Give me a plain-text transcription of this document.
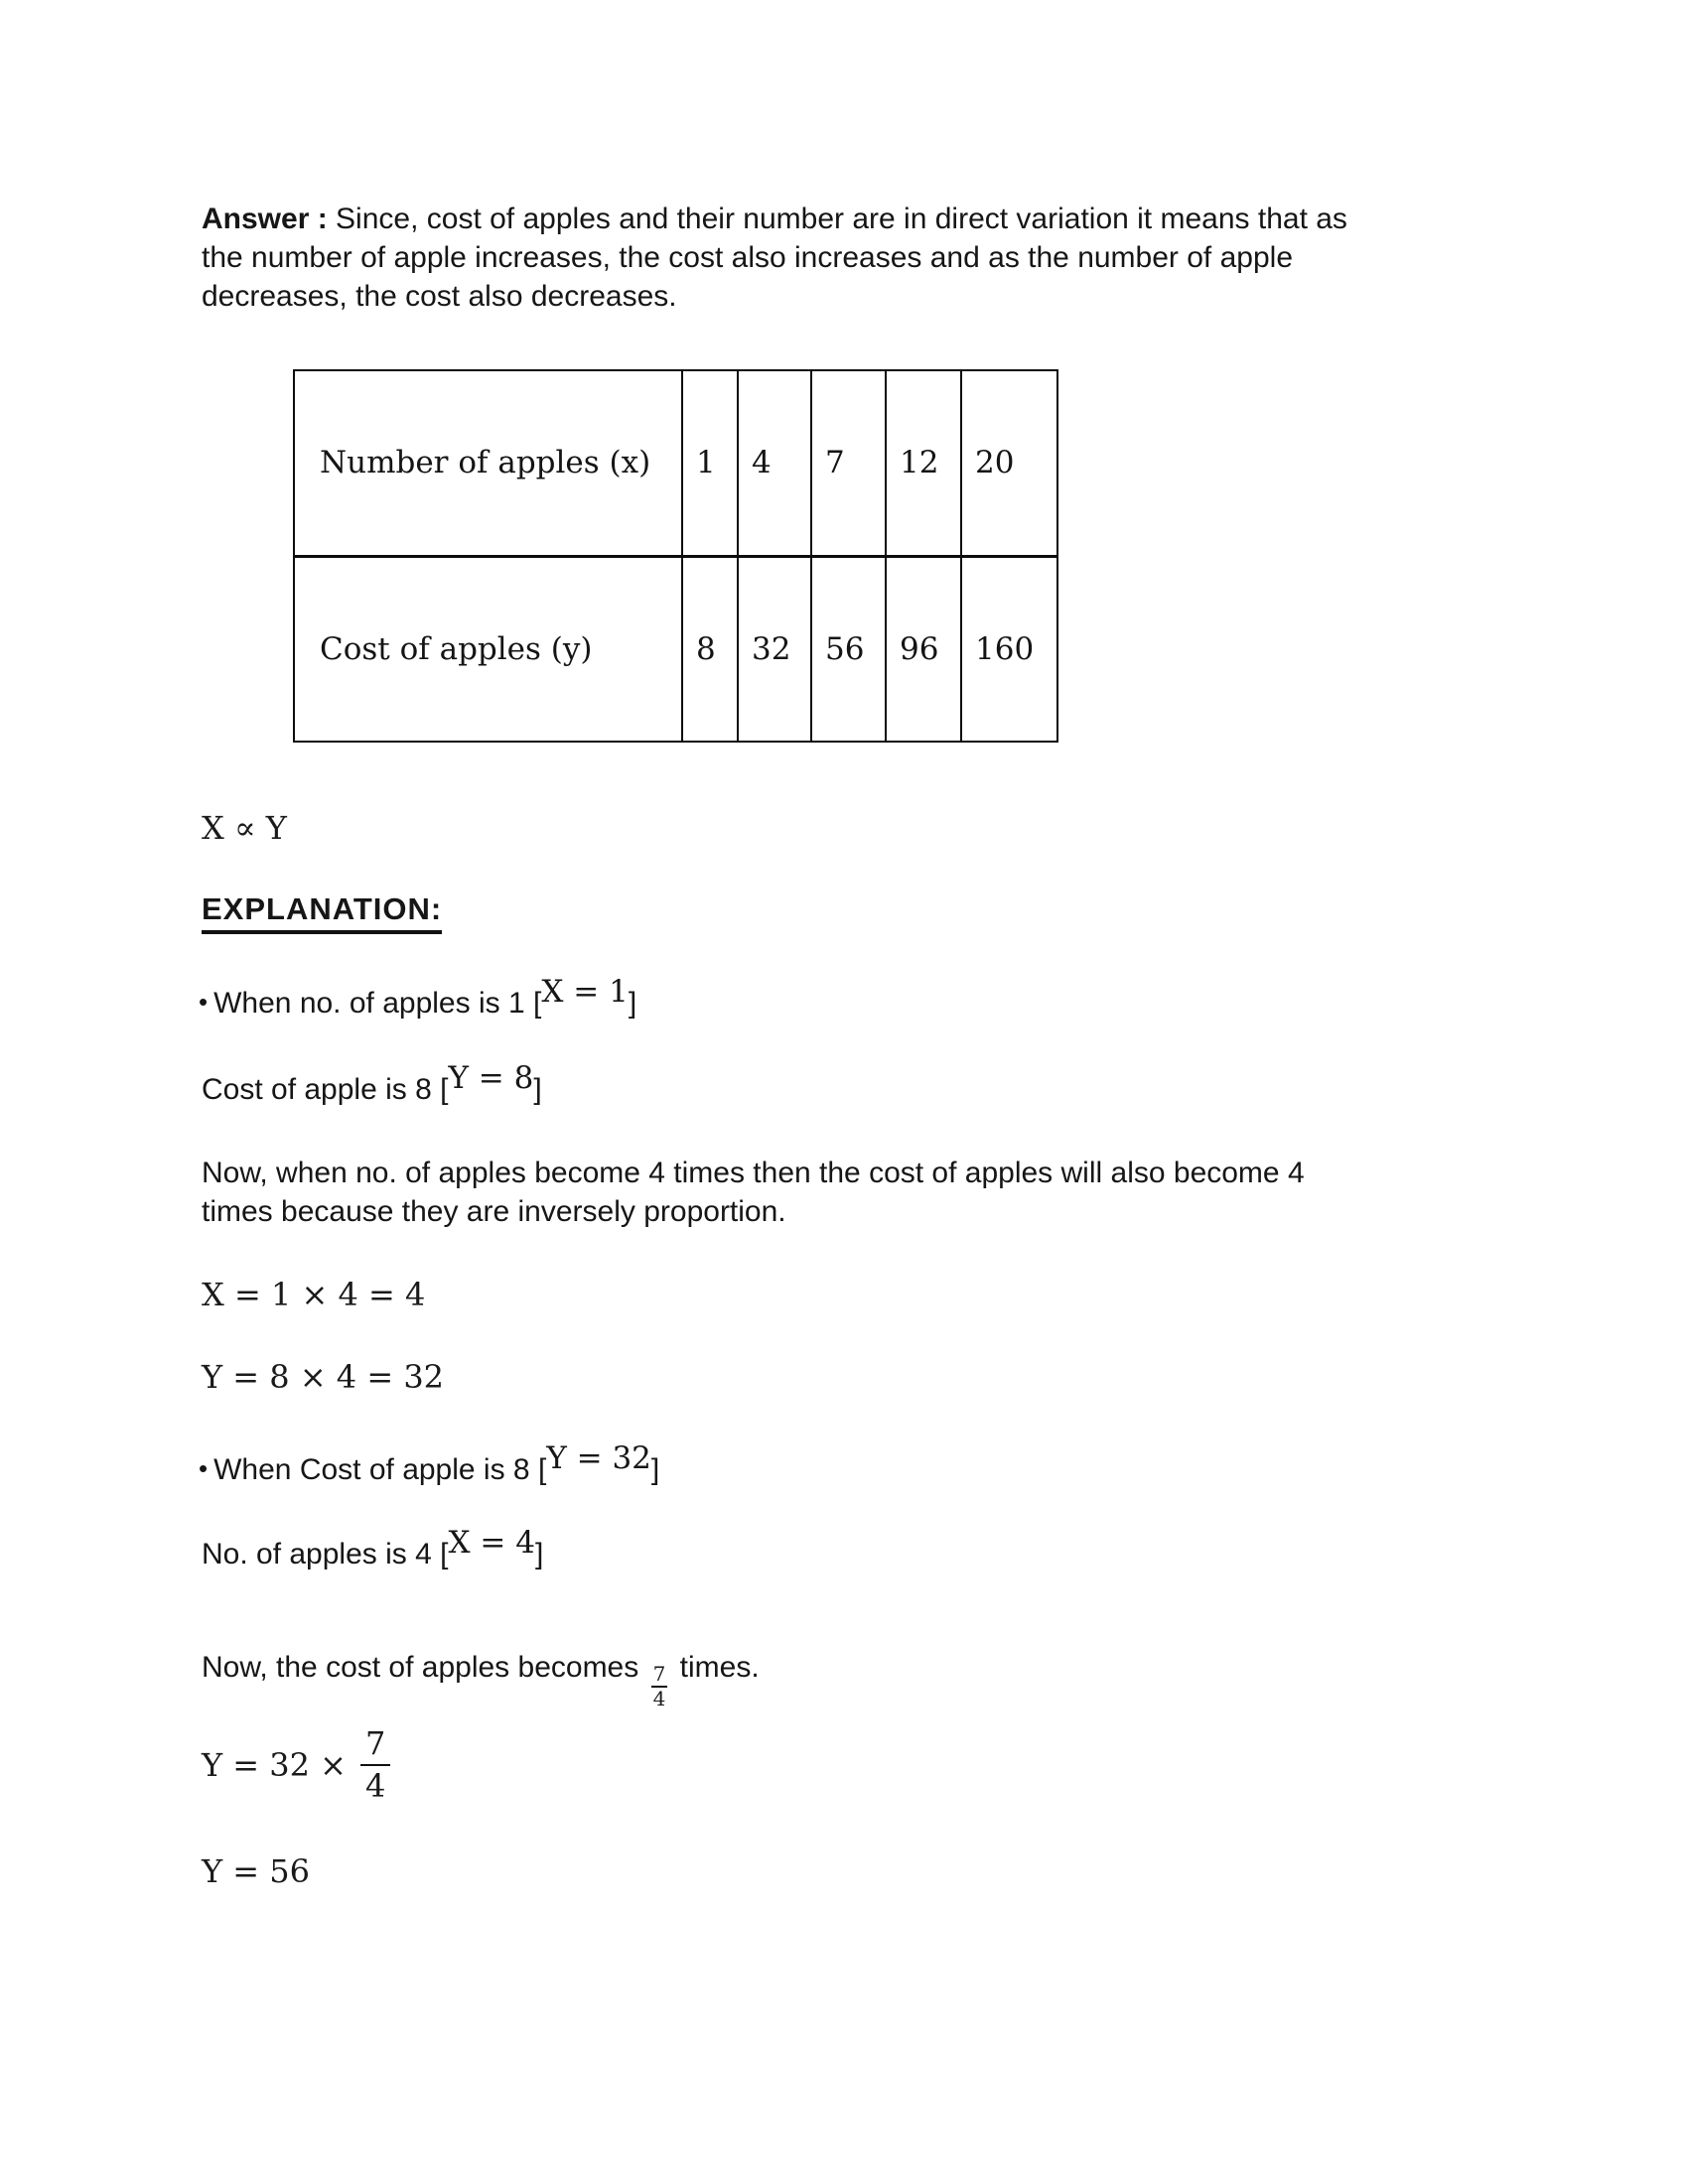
Answer : Since, cost of apples and their number are in direct variation it means that as
the number of apple increases, the cost also increases and as the number of apple
decreases, the cost also decreases.
Number of apples (x)	1	4	7	12	20
Cost of apples (y)	8	32	56	96	160
X ∝ Y
EXPLANATION:
• When no. of apples is 1 [X = 1]
Cost of apple is 8 [Y = 8]
Now, when no. of apples become 4 times then the cost of apples will also become 4
times because they are inversely proportion.
X = 1 × 4 = 4
Y = 8 × 4 = 32
• When Cost of apple is 8 [Y = 32]
No. of apples is 4 [X = 4]
Now, the cost of apples becomes $\frac{7}{4}$ times.
$Y = 32 \times \frac{7}{4}$
Y = 56
